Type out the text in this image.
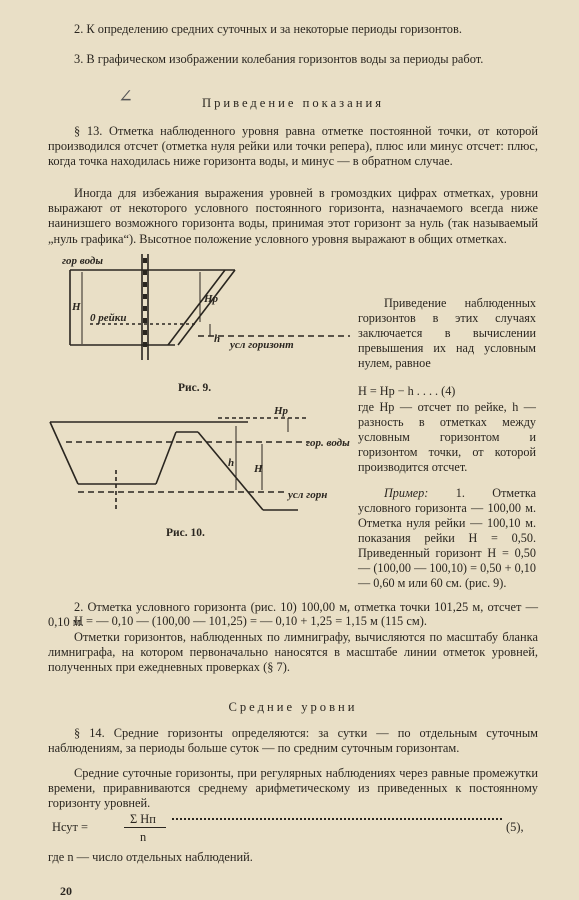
2. К определению средних суточных и за некоторые периоды горизонтов.
3. В графическом изображении колебания горизонтов воды за периоды работ.
∠	Приведение показания
§ 13. Отметка наблюденного уровня равна отметке постоянной точки, от которой производился отсчет (отметка нуля рейки или точки репера), плюс или минус отсчет: плюс, когда точка находилась ниже горизонта воды, и минус — в обратном случае.
Иногда для избежания выражения уровней в громоздких цифрах отметках, уровни выражают от некоторого условного постоянного горизонта, назначаемого всегда ниже наинизшего возможного горизонта воды, принимая этот горизонт за нуль (так называемый „нуль графика“). Высотное положение условного уровня выражают в общих отметках.
гор воды
H
Hр
0 рейки
h усл горизонт
Рис. 9.
Приведение наблюденных горизонтов в этих случаях заключается в вычислении превышения их над условным нулем, равное
H = Hр − h . . . . (4)
где Hр — отсчет по рейке, h — разность в отметках между условным горизонтом и горизонтом точки, от которой производится отсчет.
Пример: 1. Отметка условного горизонта — 100,00 м. Отметка нуля рейки — 100,10 м. показания рейки H = 0,50. Приведенный горизонт H = 0,50 — (100,00 — 100,10) = 0,50 + 0,10 — 0,60 м или 60 см. (рис. 9).
Hр
гор. воды
h H
усл горн
Рис. 10.
2. Отметка условного горизонта (рис. 10) 100,00 м, отметка точки 101,25 м, отсчет — 0,10 м.
H = — 0,10 — (100,00 — 101,25) = — 0,10 + 1,25 = 1,15 м (115 см).
Отметки горизонтов, наблюденных по лимниграфу, вычисляются по масштабу бланка лимниграфа, на котором первоначально наносятся в масштабе линии отметок уровней, полученных при ежедневных проверках (§ 7).
Средние уровни
§ 14. Средние горизонты определяются: за сутки — по отдельным суточным наблюдениям, за периоды больше суток — по средним суточным горизонтам.
Средние суточные горизонты, при регулярных наблюдениях через равные промежутки времени, приравниваются среднему арифметическому из приведенных к постоянному горизонту уровней.
Hсут =
Σ Hп
n
(5),
где n — число отдельных наблюдений.
20
